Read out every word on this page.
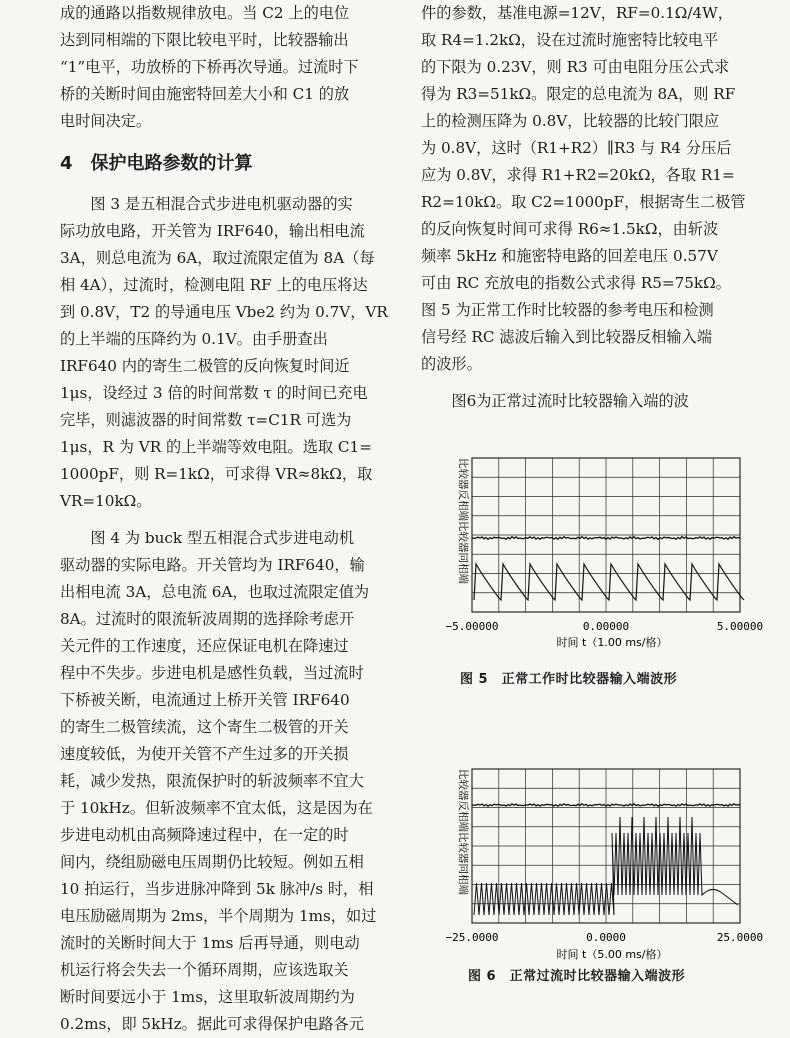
成的通路以指数规律放电。当 C2 上的电位

达到同相端的下限比较电平时，比较器输出

“1”电平，功放桥的下桥再次导通。过流时下

桥的关断时间由施密特回差大小和 C1 的放

电时间决定。

4 保护电路参数的计算

图 3 是五相混合式步进电机驱动器的实

际功放电路，开关管为 IRF640，输出相电流

3A，则总电流为 6A，取过流限定值为 8A（每

相 4A），过流时，检测电阻 RF 上的电压将达

到 0.8V，T2 的导通电压 Vbe2 约为 0.7V，VR

的上半端的压降约为 0.1V。由手册查出

IRF640 内的寄生二极管的反向恢复时间近

1μs，设经过 3 倍的时间常数 τ 的时间已充电

完毕，则滤波器的时间常数 τ=C1R 可选为

1μs，R 为 VR 的上半端等效电阻。选取 C1=

1000pF，则 R=1kΩ，可求得 VR≈8kΩ，取

VR=10kΩ。

图 4 为 buck 型五相混合式步进电动机

驱动器的实际电路。开关管均为 IRF640，输

出相电流 3A，总电流 6A，也取过流限定值为

8A。过流时的限流斩波周期的选择除考虑开

关元件的工作速度，还应保证电机在降速过

程中不失步。步进电机是感性负载，当过流时

下桥被关断，电流通过上桥开关管 IRF640

的寄生二极管续流，这个寄生二极管的开关

速度较低，为使开关管不产生过多的开关损

耗，减少发热，限流保护时的斩波频率不宜大

于 10kHz。但斩波频率不宜太低，这是因为在

步进电动机由高频降速过程中，在一定的时

间内，绕组励磁电压周期仍比较短。例如五相

10 拍运行，当步进脉冲降到 5k 脉冲/s 时，相

电压励磁周期为 2ms，半个周期为 1ms，如过

流时的关断时间大于 1ms 后再导通，则电动

机运行将会失去一个循环周期，应该选取关

断时间要远小于 1ms，这里取斩波周期约为

0.2ms，即 5kHz。据此可求得保护电路各元

件的参数，基准电源=12V，RF=0.1Ω/4W，

取 R4=1.2kΩ，设在过流时施密特比较电平

的下限为 0.23V，则 R3 可由电阻分压公式求

得为 R3=51kΩ。限定的总电流为 8A，则 RF

上的检测压降为 0.8V，比较器的比较门限应

为 0.8V，这时（R1+R2）∥R3 与 R4 分压后

应为 0.8V，求得 R1+R2=20kΩ，各取 R1=

R2=10kΩ。取 C2=1000pF，根据寄生二极管

的反向恢复时间可求得 R6≈1.5kΩ，由斩波

频率 5kHz 和施密特电路的回差电压 0.57V

可由 RC 充放电的指数公式求得 R5=75kΩ。

图 5 为正常工作时比较器的参考电压和检测

信号经 RC 滤波后输入到比较器反相输入端

的波形。

图6为正常过流时比较器输入端的波

比较器反相端比较器同相端
−5.00000	0.00000	5.00000
时间 t（1.00 ms/格）
图 5　正常工作时比较器输入端波形
比较器反相端比较器同相端
−25.0000	0.0000	25.0000
时间 t（5.00 ms/格）
图 6　正常过流时比较器输入端波形
